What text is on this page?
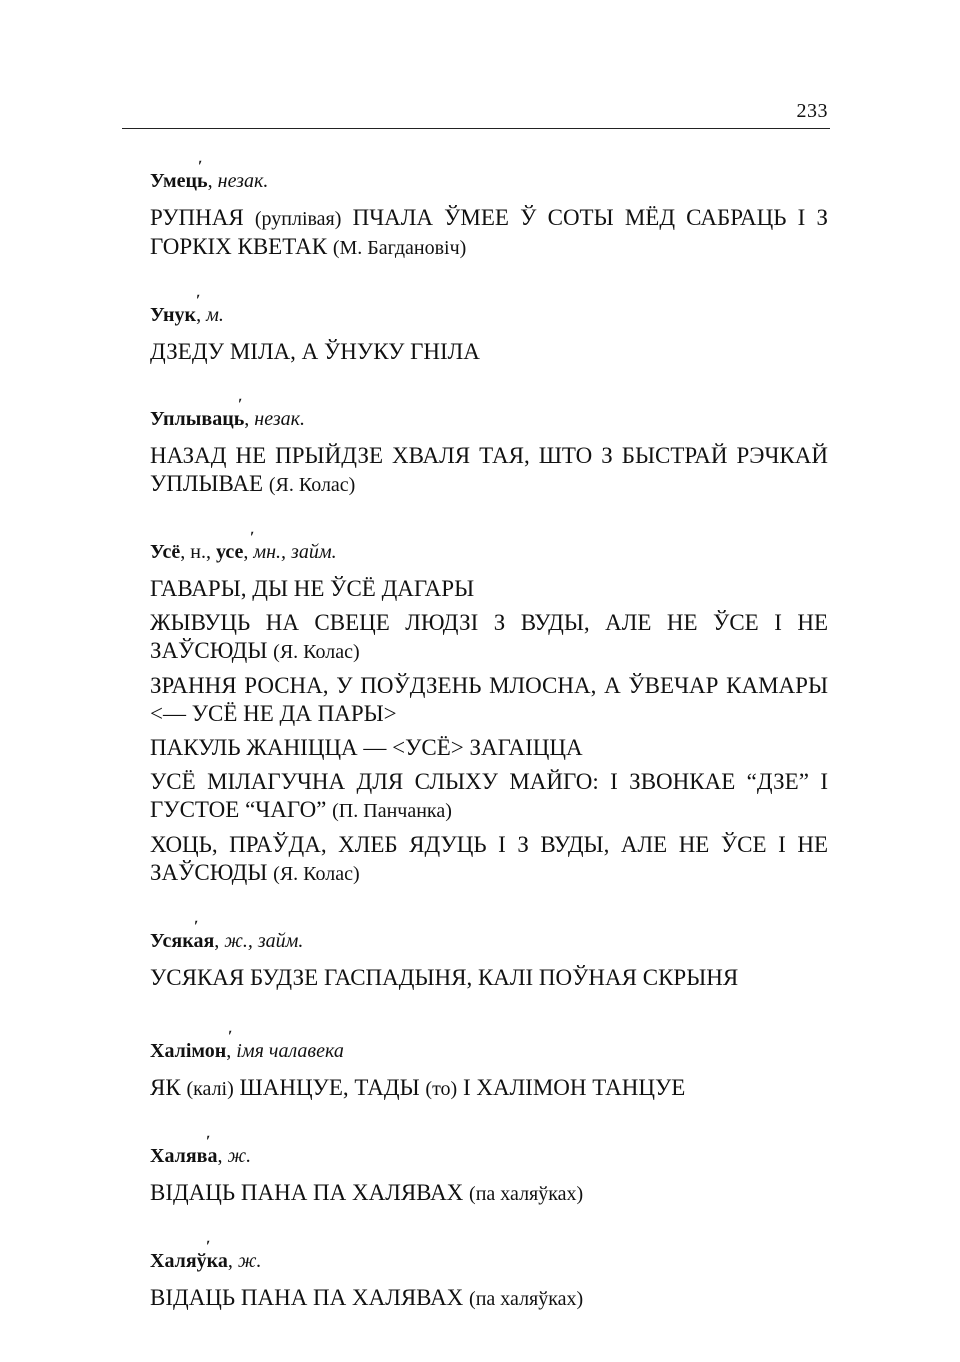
233
ʹ
Умець, незак.
РУПНАЯ (руплівая) ПЧАЛА ЎМЕЕ Ў СОТЫ МЁД САБРАЦЬ І З ГОРКІХ КВЕТАК (М. Багдановіч)
ʹ
Унук, м.
ДЗЕДУ МІЛА, А ЎНУКУ ГНІЛА
ʹ
Уплываць, незак.
НАЗАД НЕ ПРЫЙДЗЕ ХВАЛЯ ТАЯ, ШТО З БЫСТРАЙ РЭЧКАЙ УПЛЫВАЕ (Я. Колас)
ʹ
Усё, н., усе, мн., займ.
ГАВАРЫ, ДЫ НЕ ЎСЁ ДАГАРЫ
ЖЫВУЦЬ НА СВЕЦЕ ЛЮДЗІ З ВУДЫ, АЛЕ НЕ ЎСЕ І НЕ ЗАЎСЮДЫ (Я. Колас)
ЗРАННЯ РОСНА, У ПОЎДЗЕНЬ МЛОСНА, А ЎВЕЧАР КАМАРЫ <— УСЁ НЕ ДА ПАРЫ>
ПАКУЛЬ ЖАНІЦЦА — <УСЁ> ЗАГАІЦЦА
УСЁ МІЛАГУЧНА ДЛЯ СЛЫХУ МАЙГО: І ЗВОНКАЕ “ДЗЕ” І ГУСТОЕ “ЧАГО” (П. Панчанка)
ХОЦЬ, ПРАЎДА, ХЛЕБ ЯДУЦЬ І З ВУДЫ, АЛЕ НЕ ЎСЕ І НЕ ЗАЎСЮДЫ (Я. Колас)
ʹ
Усякая, ж., займ.
УСЯКАЯ БУДЗЕ ГАСПАДЫНЯ, КАЛІ ПОЎНАЯ СКРЫНЯ
ʹ
Халімон, імя чалавека
ЯК (калі) ШАНЦУЕ, ТАДЫ (то) І ХАЛІМОН ТАНЦУЕ
ʹ
Халява, ж.
ВІДАЦЬ ПАНА ПА ХАЛЯВАХ (па халяўках)
ʹ
Халяўка, ж.
ВІДАЦЬ ПАНА ПА ХАЛЯВАХ (па халяўках)
